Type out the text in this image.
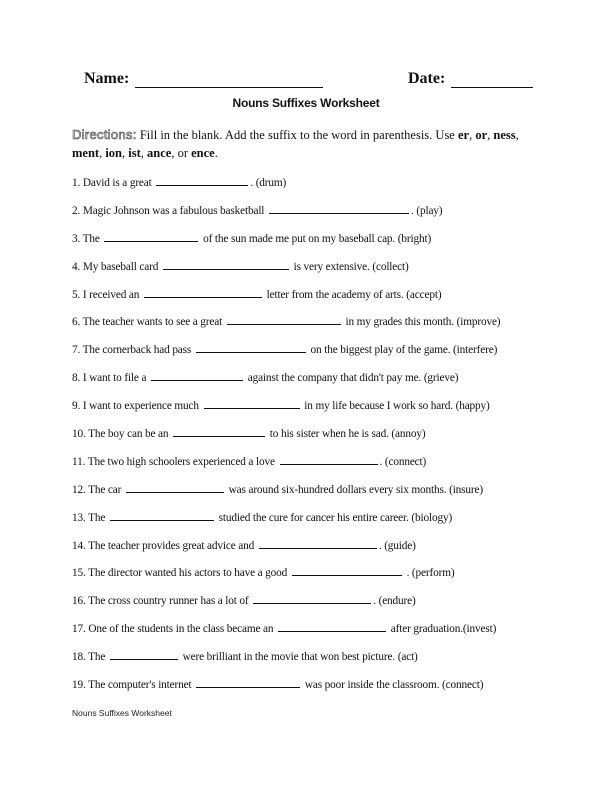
Name:	Date:
Nouns Suffixes Worksheet
Directions: Fill in the blank. Add the suffix to the word in parenthesis. Use er, or, ness, ment, ion, ist, ance, or ence.
1. David is a great	. (drum)
2. Magic Johnson was a fabulous basketball	. (play)
3. The	of the sun made me put on my baseball cap. (bright)
4. My baseball card	is very extensive. (collect)
5. I received an	letter from the academy of arts. (accept)
6. The teacher wants to see a great	in my grades this month. (improve)
7. The cornerback had pass	on the biggest play of the game. (interfere)
8. I want to file a	against the company that didn't pay me. (grieve)
9. I want to experience much	in my life because I work so hard. (happy)
10. The boy can be an	to his sister when he is sad. (annoy)
11. The two high schoolers experienced a love	. (connect)
12. The car	was around six-hundred dollars every six months. (insure)
13. The	studied the cure for cancer his entire career. (biology)
14. The teacher provides great advice and	. (guide)
15. The director wanted his actors to have a good	. (perform)
16. The cross country runner has a lot of	. (endure)
17. One of the students in the class became an	after graduation.(invest)
18. The	were brilliant in the movie that won best picture. (act)
19. The computer's internet	was poor inside the classroom. (connect)
Nouns Suffixes Worksheet
